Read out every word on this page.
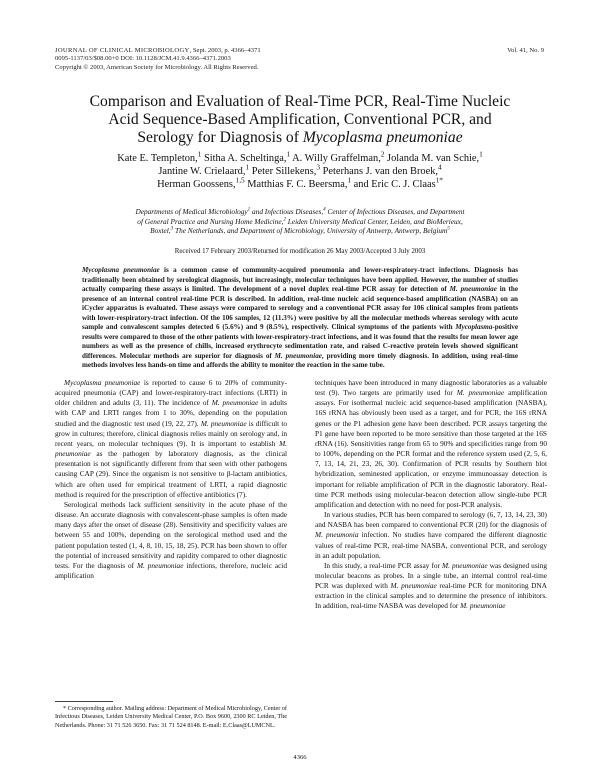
JOURNAL OF CLINICAL MICROBIOLOGY, Sept. 2003, p. 4366–4371
0095-1137/03/$08.00+0 DOI: 10.1128/JCM.41.9.4366–4371.2003
Copyright © 2003, American Society for Microbiology. All Rights Reserved.
Vol. 41, No. 9
Comparison and Evaluation of Real-Time PCR, Real-Time Nucleic
Acid Sequence-Based Amplification, Conventional PCR, and
Serology for Diagnosis of Mycoplasma pneumoniae
Kate E. Templeton,$^1$ Sitha A. Scheltinga,$^1$ A. Willy Graffelman,$^2$ Jolanda M. van Schie,$^1$
Jantine W. Crielaard,$^1$ Peter Sillekens,$^3$ Peterhans J. van den Broek,$^4$
Herman Goossens,$^{1,5}$ Matthias F. C. Beersma,$^1$ and Eric C. J. Claas$^{1*}$
Departments of Medical Microbiology$^1$ and Infectious Diseases,$^4$ Center of Infectious Diseases, and Department
of General Practice and Nursing Home Medicine,$^2$ Leiden University Medical Center, Leiden, and BioMerieux,
Boxtel,$^3$ The Netherlands, and Department of Microbiology, University of Antwerp, Antwerp, Belgium$^5$
Received 17 February 2003/Returned for modification 26 May 2003/Accepted 3 July 2003
Mycoplasma pneumoniae is a common cause of community-acquired pneumonia and lower-respiratory-tract infections. Diagnosis has traditionally been obtained by serological diagnosis, but increasingly, molecular techniques have been applied. However, the number of studies actually comparing these assays is limited. The development of a novel duplex real-time PCR assay for detection of M. pneumoniae in the presence of an internal control real-time PCR is described. In addition, real-time nucleic acid sequence-based amplification (NASBA) on an iCycler apparatus is evaluated. These assays were compared to serology and a conventional PCR assay for 106 clinical samples from patients with lower-respiratory-tract infection. Of the 106 samples, 12 (11.3%) were positive by all the molecular methods whereas serology with acute sample and convalescent samples detected 6 (5.6%) and 9 (8.5%), respectively. Clinical symptoms of the patients with Mycoplasma-positive results were compared to those of the other patients with lower-respiratory-tract infections, and it was found that the results for mean lower age numbers as well as the presence of chills, increased erythrocyte sedimentation rate, and raised C-reactive protein levels showed significant differences. Molecular methods are superior for diagnosis of M. pneumoniae, providing more timely diagnosis. In addition, using real-time methods involves less hands-on time and affords the ability to monitor the reaction in the same tube.

Mycoplasma pneumoniae is reported to cause 6 to 20% of community-acquired pneumonia (CAP) and lower-respiratory-tract infections (LRTI) in older children and adults (3, 11). The incidence of M. pneumoniae in adults with CAP and LRTI ranges from 1 to 30%, depending on the population studied and the diagnostic test used (19, 22, 27). M. pneumoniae is difficult to grow in cultures; therefore, clinical diagnosis relies mainly on serology and, in recent years, on molecular techniques (9). It is important to establish M. pneumoniae as the pathogen by laboratory diagnosis, as the clinical presentation is not significantly different from that seen with other pathogens causing CAP (29). Since the organism is not sensitive to β-lactam antibiotics, which are often used for empirical treatment of LRTI, a rapid diagnostic method is required for the prescription of effective antibiotics (7).

Serological methods lack sufficient sensitivity in the acute phase of the disease. An accurate diagnosis with convalescent-phase samples is often made many days after the onset of disease (28). Sensitivity and specificity values are between 55 and 100%, depending on the serological method used and the patient population tested (1, 4, 8, 10, 15, 18, 25). PCR has been shown to offer the potential of increased sensitivity and rapidity compared to other diagnostic tests. For the diagnosis of M. pneumoniae infections, therefore, nucleic acid amplification

techniques have been introduced in many diagnostic laboratories as a valuable test (9). Two targets are primarily used for M. pneumoniae amplification assays. For isothermal nucleic acid sequence-based amplification (NASBA), 16S rRNA has obviously been used as a target, and for PCR, the 16S rRNA genes or the P1 adhesion gene have been described. PCR assays targeting the P1 gene have been reported to be more sensitive than those targeted at the 16S rRNA (16). Sensitivities range from 65 to 90% and specificities range from 90 to 100%, depending on the PCR format and the reference system used (2, 5, 6, 7, 13, 14, 21, 23, 26, 30). Confirmation of PCR results by Southern blot hybridization, seminested application, or enzyme immunoassay detection is important for reliable amplification of PCR in the diagnostic laboratory. Real-time PCR methods using molecular-beacon detection allow single-tube PCR amplification and detection with no need for post-PCR analysis.

In various studies, PCR has been compared to serology (6, 7, 13, 14, 23, 30) and NASBA has been compared to conventional PCR (20) for the diagnosis of M. pneumonia infection. No studies have compared the different diagnostic values of real-time PCR, real-time NASBA, conventional PCR, and serology in an adult population.

In this study, a real-time PCR assay for M. pneumoniae was designed using molecular beacons as probes. In a single tube, an internal control real-time PCR was duplexed with M. pneumoniae real-time PCR for monitoring DNA extraction in the clinical samples and to determine the presence of inhibitors. In addition, real-time NASBA was developed for M. pneumoniae

* Corresponding author. Mailing address: Department of Medical Microbiology, Center of Infectious Diseases, Leiden University Medical Center, P.O. Box 9600, 2300 RC Leiden, The Netherlands. Phone: 31 71 526 3650. Fax: 31 71 524 8148. E-mail: E.Claas@LUMCNL.
4366
